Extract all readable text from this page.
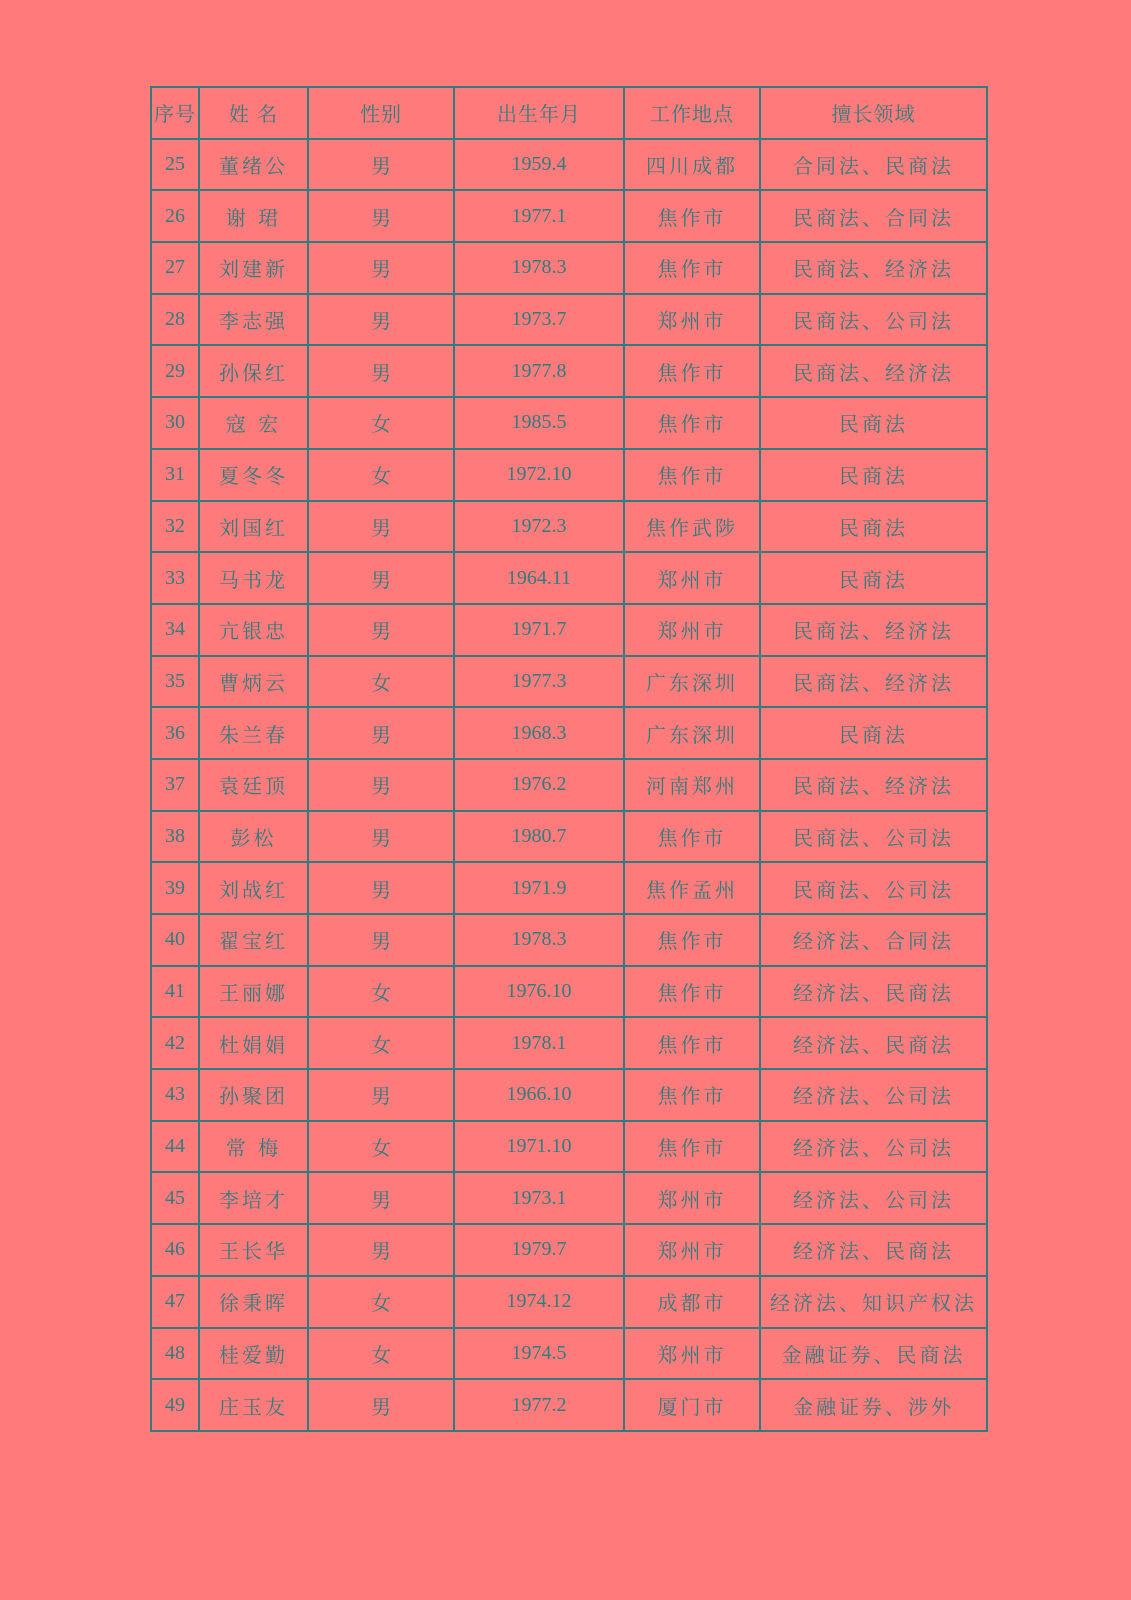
序号	姓 名	性别	出生年月	工作地点	擅长领域
25	董绪公	男	1959.4	四川成都	合同法、民商法
26	谢 珺	男	1977.1	焦作市	民商法、合同法
27	刘建新	男	1978.3	焦作市	民商法、经济法
28	李志强	男	1973.7	郑州市	民商法、公司法
29	孙保红	男	1977.8	焦作市	民商法、经济法
30	寇 宏	女	1985.5	焦作市	民商法
31	夏冬冬	女	1972.10	焦作市	民商法
32	刘国红	男	1972.3	焦作武陟	民商法
33	马书龙	男	1964.11	郑州市	民商法
34	亢银忠	男	1971.7	郑州市	民商法、经济法
35	曹炳云	女	1977.3	广东深圳	民商法、经济法
36	朱兰春	男	1968.3	广东深圳	民商法
37	袁廷顶	男	1976.2	河南郑州	民商法、经济法
38	彭松	男	1980.7	焦作市	民商法、公司法
39	刘战红	男	1971.9	焦作孟州	民商法、公司法
40	翟宝红	男	1978.3	焦作市	经济法、合同法
41	王丽娜	女	1976.10	焦作市	经济法、民商法
42	杜娟娟	女	1978.1	焦作市	经济法、民商法
43	孙聚团	男	1966.10	焦作市	经济法、公司法
44	常 梅	女	1971.10	焦作市	经济法、公司法
45	李培才	男	1973.1	郑州市	经济法、公司法
46	王长华	男	1979.7	郑州市	经济法、民商法
47	徐秉晖	女	1974.12	成都市	经济法、知识产权法
48	桂爱勤	女	1974.5	郑州市	金融证券、民商法
49	庄玉友	男	1977.2	厦门市	金融证券、涉外
